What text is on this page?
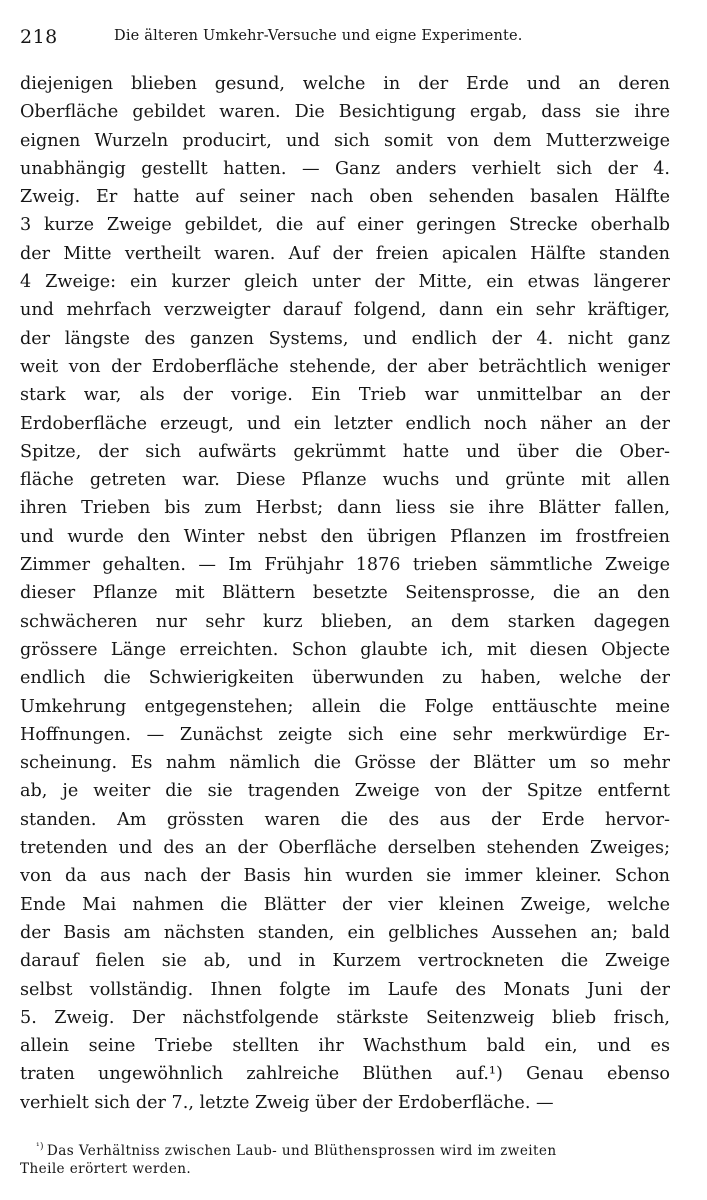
218	Die älteren Umkehr-Versuche und eigne Experimente.
diejenigen blieben gesund, welche in der Erde und an deren
Oberfläche gebildet waren. Die Besichtigung ergab, dass sie ihre
eignen Wurzeln producirt, und sich somit von dem Mutterzweige
unabhängig gestellt hatten. — Ganz anders verhielt sich der 4.
Zweig. Er hatte auf seiner nach oben sehenden basalen Hälfte
3 kurze Zweige gebildet, die auf einer geringen Strecke oberhalb
der Mitte vertheilt waren. Auf der freien apicalen Hälfte standen
4 Zweige: ein kurzer gleich unter der Mitte, ein etwas längerer
und mehrfach verzweigter darauf folgend, dann ein sehr kräftiger,
der längste des ganzen Systems, und endlich der 4. nicht ganz
weit von der Erdoberfläche stehende, der aber beträchtlich weniger
stark war, als der vorige. Ein Trieb war unmittelbar an der
Erdoberfläche erzeugt, und ein letzter endlich noch näher an der
Spitze, der sich aufwärts gekrümmt hatte und über die Ober-
fläche getreten war. Diese Pflanze wuchs und grünte mit allen
ihren Trieben bis zum Herbst; dann liess sie ihre Blätter fallen,
und wurde den Winter nebst den übrigen Pflanzen im frostfreien
Zimmer gehalten. — Im Frühjahr 1876 trieben sämmtliche Zweige
dieser Pflanze mit Blättern besetzte Seitensprosse, die an den
schwächeren nur sehr kurz blieben, an dem starken dagegen
grössere Länge erreichten. Schon glaubte ich, mit diesen Objecte
endlich die Schwierigkeiten überwunden zu haben, welche der
Umkehrung entgegenstehen; allein die Folge enttäuschte meine
Hoffnungen. — Zunächst zeigte sich eine sehr merkwürdige Er-
scheinung. Es nahm nämlich die Grösse der Blätter um so mehr
ab, je weiter die sie tragenden Zweige von der Spitze entfernt
standen. Am grössten waren die des aus der Erde hervor-
tretenden und des an der Oberfläche derselben stehenden Zweiges;
von da aus nach der Basis hin wurden sie immer kleiner. Schon
Ende Mai nahmen die Blätter der vier kleinen Zweige, welche
der Basis am nächsten standen, ein gelbliches Aussehen an; bald
darauf fielen sie ab, und in Kurzem vertrockneten die Zweige
selbst vollständig. Ihnen folgte im Laufe des Monats Juni der
5. Zweig. Der nächstfolgende stärkste Seitenzweig blieb frisch,
allein seine Triebe stellten ihr Wachsthum bald ein, und es
traten ungewöhnlich zahlreiche Blüthen auf.¹) Genau ebenso
verhielt sich der 7., letzte Zweig über der Erdoberfläche. —
$^{^1)}$ Das Verhältniss zwischen Laub- und Blüthensprossen wird im zweiten
Theile erörtert werden.
